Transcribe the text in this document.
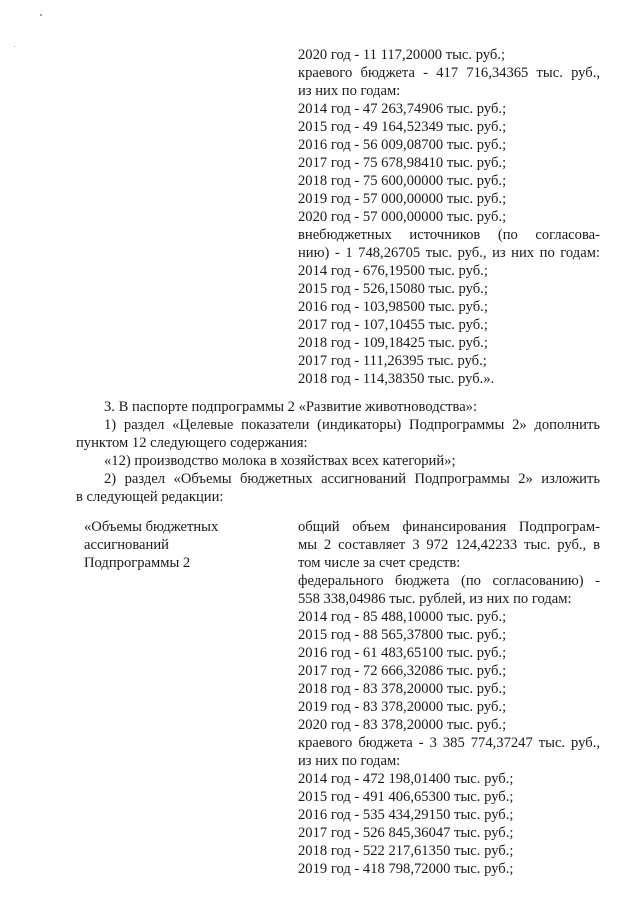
2020 год - 11 117,20000 тыс. руб.;
краевого бюджета - 417 716,34365 тыс. руб.,
из них по годам:
2014 год - 47 263,74906 тыс. руб.;
2015 год - 49 164,52349 тыс. руб.;
2016 год - 56 009,08700 тыс. руб.;
2017 год - 75 678,98410 тыс. руб.;
2018 год - 75 600,00000 тыс. руб.;
2019 год - 57 000,00000 тыс. руб.;
2020 год - 57 000,00000 тыс. руб.;
внебюджетных источников (по согласова-
нию) - 1 748,26705 тыс. руб., из них по годам:
2014 год - 676,19500 тыс. руб.;
2015 год - 526,15080 тыс. руб.;
2016 год - 103,98500 тыс. руб.;
2017 год - 107,10455 тыс. руб.;
2018 год - 109,18425 тыс. руб.;
2017 год - 111,26395 тыс. руб.;
2018 год - 114,38350 тыс. руб.».
3. В паспорте подпрограммы 2 «Развитие животноводства»:
1) раздел «Целевые показатели (индикаторы) Подпрограммы 2» дополнить
пунктом 12 следующего содержания:
«12) производство молока в хозяйствах всех категорий»;
2) раздел «Объемы бюджетных ассигнований Подпрограммы 2» изложить
в следующей редакции:
«Объемы бюджетных
ассигнований
Подпрограммы 2
общий объем финансирования Подпрограм-
мы 2 составляет 3 972 124,42233 тыс. руб., в
том числе за счет средств:
федерального бюджета (по согласованию) -
558 338,04986 тыс. рублей, из них по годам:
2014 год - 85 488,10000 тыс. руб.;
2015 год - 88 565,37800 тыс. руб.;
2016 год - 61 483,65100 тыс. руб.;
2017 год - 72 666,32086 тыс. руб.;
2018 год - 83 378,20000 тыс. руб.;
2019 год - 83 378,20000 тыс. руб.;
2020 год - 83 378,20000 тыс. руб.;
краевого бюджета - 3 385 774,37247 тыс. руб.,
из них по годам:
2014 год - 472 198,01400 тыс. руб.;
2015 год - 491 406,65300 тыс. руб.;
2016 год - 535 434,29150 тыс. руб.;
2017 год - 526 845,36047 тыс. руб.;
2018 год - 522 217,61350 тыс. руб.;
2019 год - 418 798,72000 тыс. руб.;
